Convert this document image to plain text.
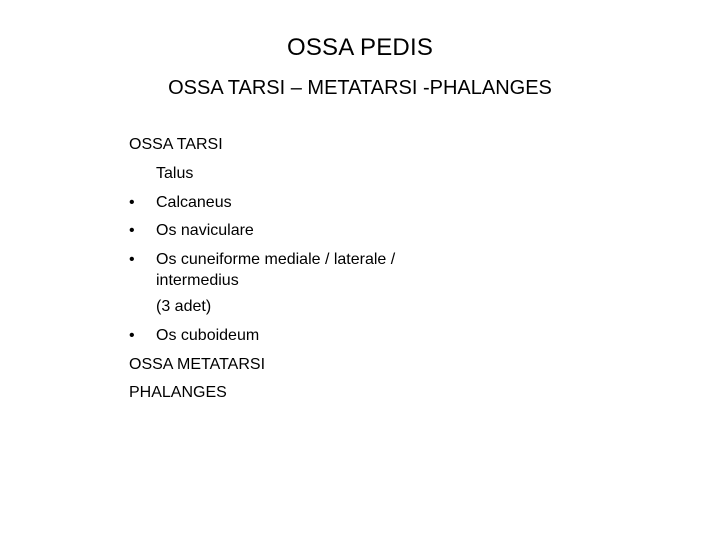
OSSA PEDIS
OSSA TARSI – METATARSI -PHALANGES
OSSA TARSI
Talus
•	Calcaneus
•	Os naviculare
•	Os cuneiforme mediale / laterale /
intermedius
(3 adet)
•	Os cuboideum
OSSA METATARSI
PHALANGES
